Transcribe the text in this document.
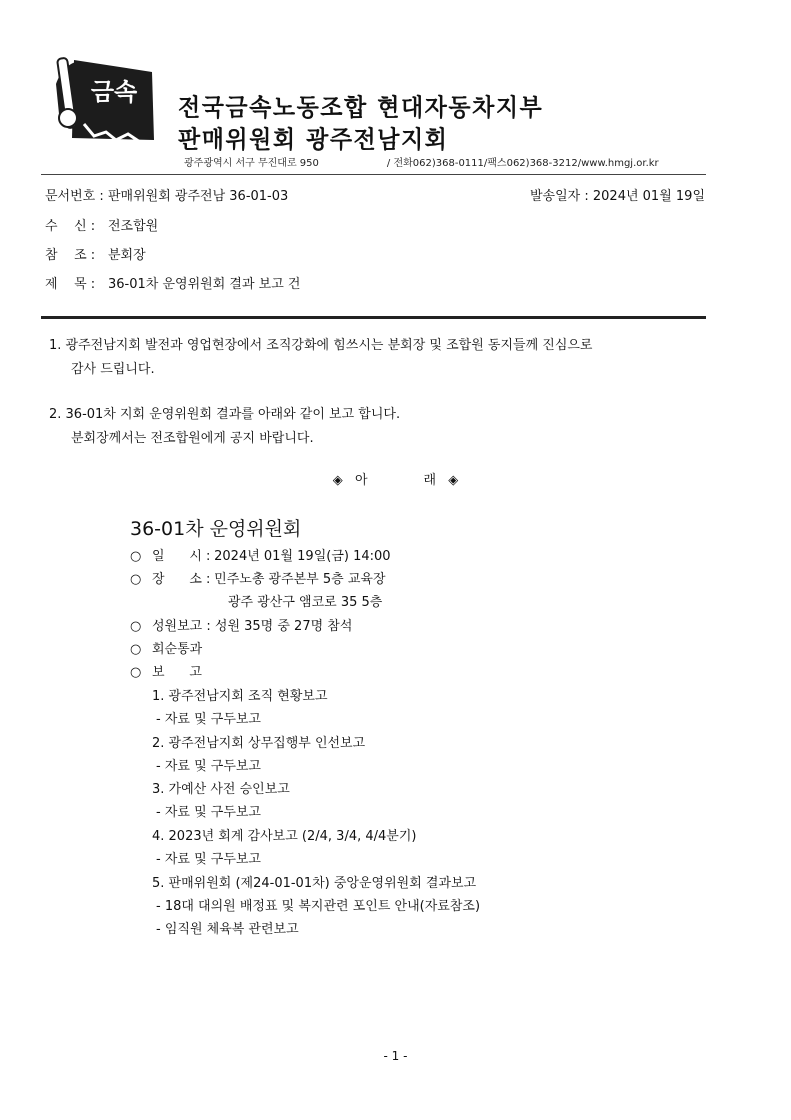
금속
전국금속노동조합 현대자동차지부
판매위원회 광주전남지회
광주광역시 서구 무진대로 950	/ 전화062)368-0111/팩스062)368-3212/www.hmgj.or.kr
문서번호 : 판매위원회 광주전남 36-01-03	발송일자 : 2024년 01월 19일
수    신 : 전조합원
참    조 : 분회장
제    목 : 36-01차 운영위원회 결과 보고 건
1. 광주전남지회 발전과 영업현장에서 조직강화에 힘쓰시는 분회장 및 조합원 동지들께 진심으로
감사 드립니다.
2. 36-01차 지회 운영위원회 결과를 아래와 같이 보고 합니다.
분회장께서는 전조합원에게 공지 바랍니다.
◈ 아	래 ◈
36-01차 운영위원회
○ 일      시 : 2024년 01월 19일(금) 14:00
○ 장      소 : 민주노총 광주본부 5층 교육장
광주 광산구 앰코로 35 5층
○ 성원보고 : 성원 35명 중 27명 참석
○ 회순통과
○ 보      고
1. 광주전남지회 조직 현황보고
- 자료 및 구두보고
2. 광주전남지회 상무집행부 인선보고
- 자료 및 구두보고
3. 가예산 사전 승인보고
- 자료 및 구두보고
4. 2023년 회계 감사보고 (2/4, 3/4, 4/4분기)
- 자료 및 구두보고
5. 판매위원회 (제24-01-01차) 중앙운영위원회 결과보고
- 18대 대의원 배정표 및 복지관련 포인트 안내(자료참조)
- 임직원 체육복 관련보고
- 1 -
